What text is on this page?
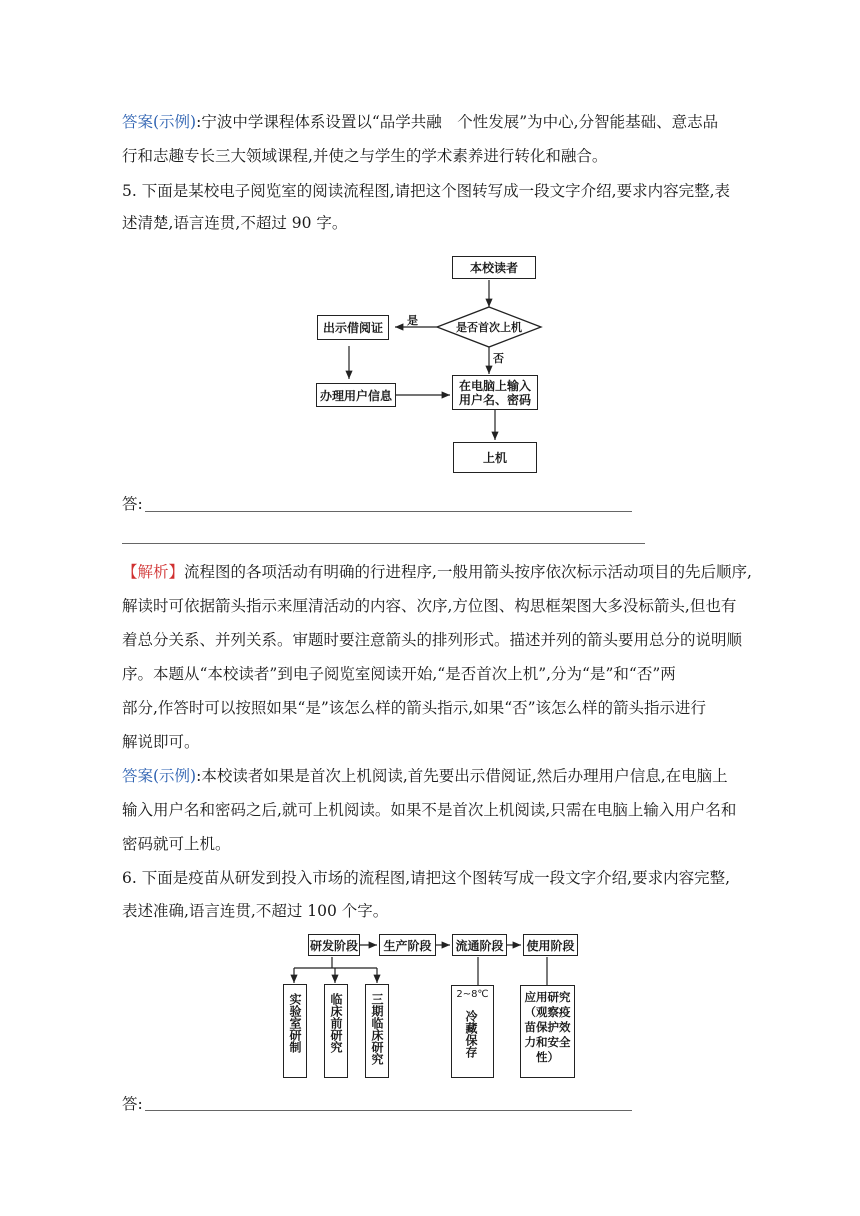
答案(示例):宁波中学课程体系设置以“品学共融　个性发展”为中心,分智能基础、意志品
行和志趣专长三大领域课程,并使之与学生的学术素养进行转化和融合。
5. 下面是某校电子阅览室的阅读流程图,请把这个图转写成一段文字介绍,要求内容完整,表
述清楚,语言连贯,不超过 90 字。
本校读者
是否首次上机
是
否
出示借阅证
办理用户信息
在电脑上输入
用户名、密码
上机
答:
【解析】流程图的各项活动有明确的行进程序,一般用箭头按序依次标示活动项目的先后顺序,
解读时可依据箭头指示来厘清活动的内容、次序,方位图、构思框架图大多没标箭头,但也有
着总分关系、并列关系。审题时要注意箭头的排列形式。描述并列的箭头要用总分的说明顺
序。本题从“本校读者”到电子阅览室阅读开始,“是否首次上机”,分为“是”和“否”两
部分,作答时可以按照如果“是”该怎么样的箭头指示,如果“否”该怎么样的箭头指示进行
解说即可。
答案(示例):本校读者如果是首次上机阅读,首先要出示借阅证,然后办理用户信息,在电脑上
输入用户名和密码之后,就可上机阅读。如果不是首次上机阅读,只需在电脑上输入用户名和
密码就可上机。
6. 下面是疫苗从研发到投入市场的流程图,请把这个图转写成一段文字介绍,要求内容完整,
表述准确,语言连贯,不超过 100 个字。
研发阶段	生产阶段	流通阶段 使用阶段
实验室研制	临床前研究	三期临床研究	2~8℃
冷藏保存
应用研究（观察疫苗保护效力和安全性）
答:
